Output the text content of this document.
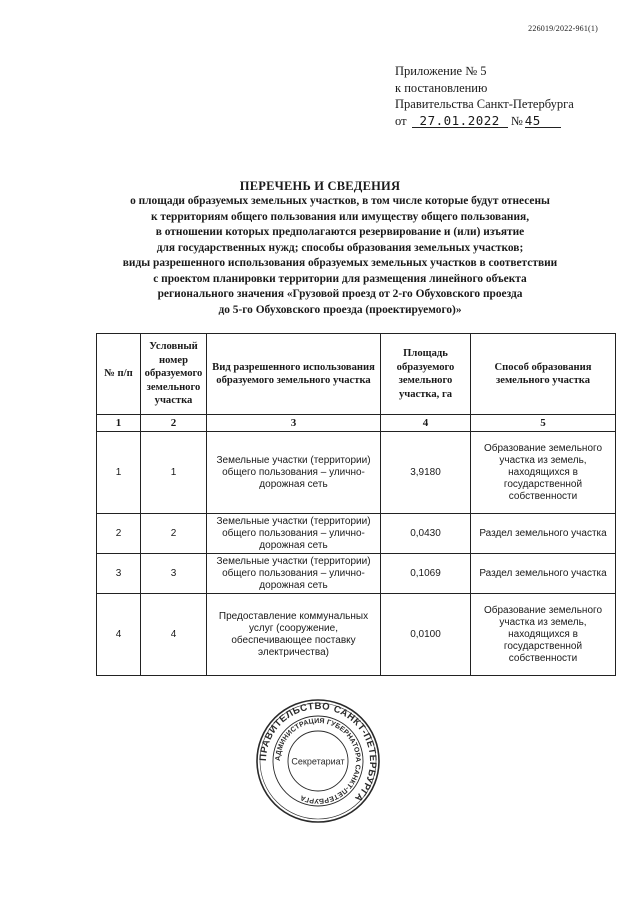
226019/2022-961(1)
Приложение № 5
к постановлению
Правительства Санкт-Петербурга
от 27.01.2022 № 45
ПЕРЕЧЕНЬ И СВЕДЕНИЯ
о площади образуемых земельных участков, в том числе которые будут отнесены
к территориям общего пользования или имуществу общего пользования,
в отношении которых предполагаются резервирование и (или) изъятие
для государственных нужд; способы образования земельных участков;
виды разрешенного использования образуемых земельных участков в соответствии
с проектом планировки территории для размещения линейного объекта
регионального значения «Грузовой проезд от 2-го Обуховского проезда
до 5-го Обуховского проезда (проектируемого)»
№ п/п	Условный номер образуемого земельного участка	Вид разрешенного использования образуемого земельного участка	Площадь образуемого земельного участка, га	Способ образования земельного участка
1	2	3	4	5
1	1	Земельные участки (территории) общего пользования – улично-дорожная сеть	3,9180	Образование земельного участка из земель, находящихся в государственной собственности
2	2	Земельные участки (территории) общего пользования – улично-дорожная сеть	0,0430	Раздел земельного участка
3	3	Земельные участки (территории) общего пользования – улично-дорожная сеть	0,1069	Раздел земельного участка
4	4	Предоставление коммунальных услуг (сооружение, обеспечивающее поставку электричества)	0,0100	Образование земельного участка из земель, находящихся в государственной собственности
ПРАВИТЕЛЬСТВО САНКТ-ПЕТЕРБУРГА
АДМИНИСТРАЦИЯ ГУБЕРНАТОРА САНКТ-ПЕТЕРБУРГА
Секретариат
